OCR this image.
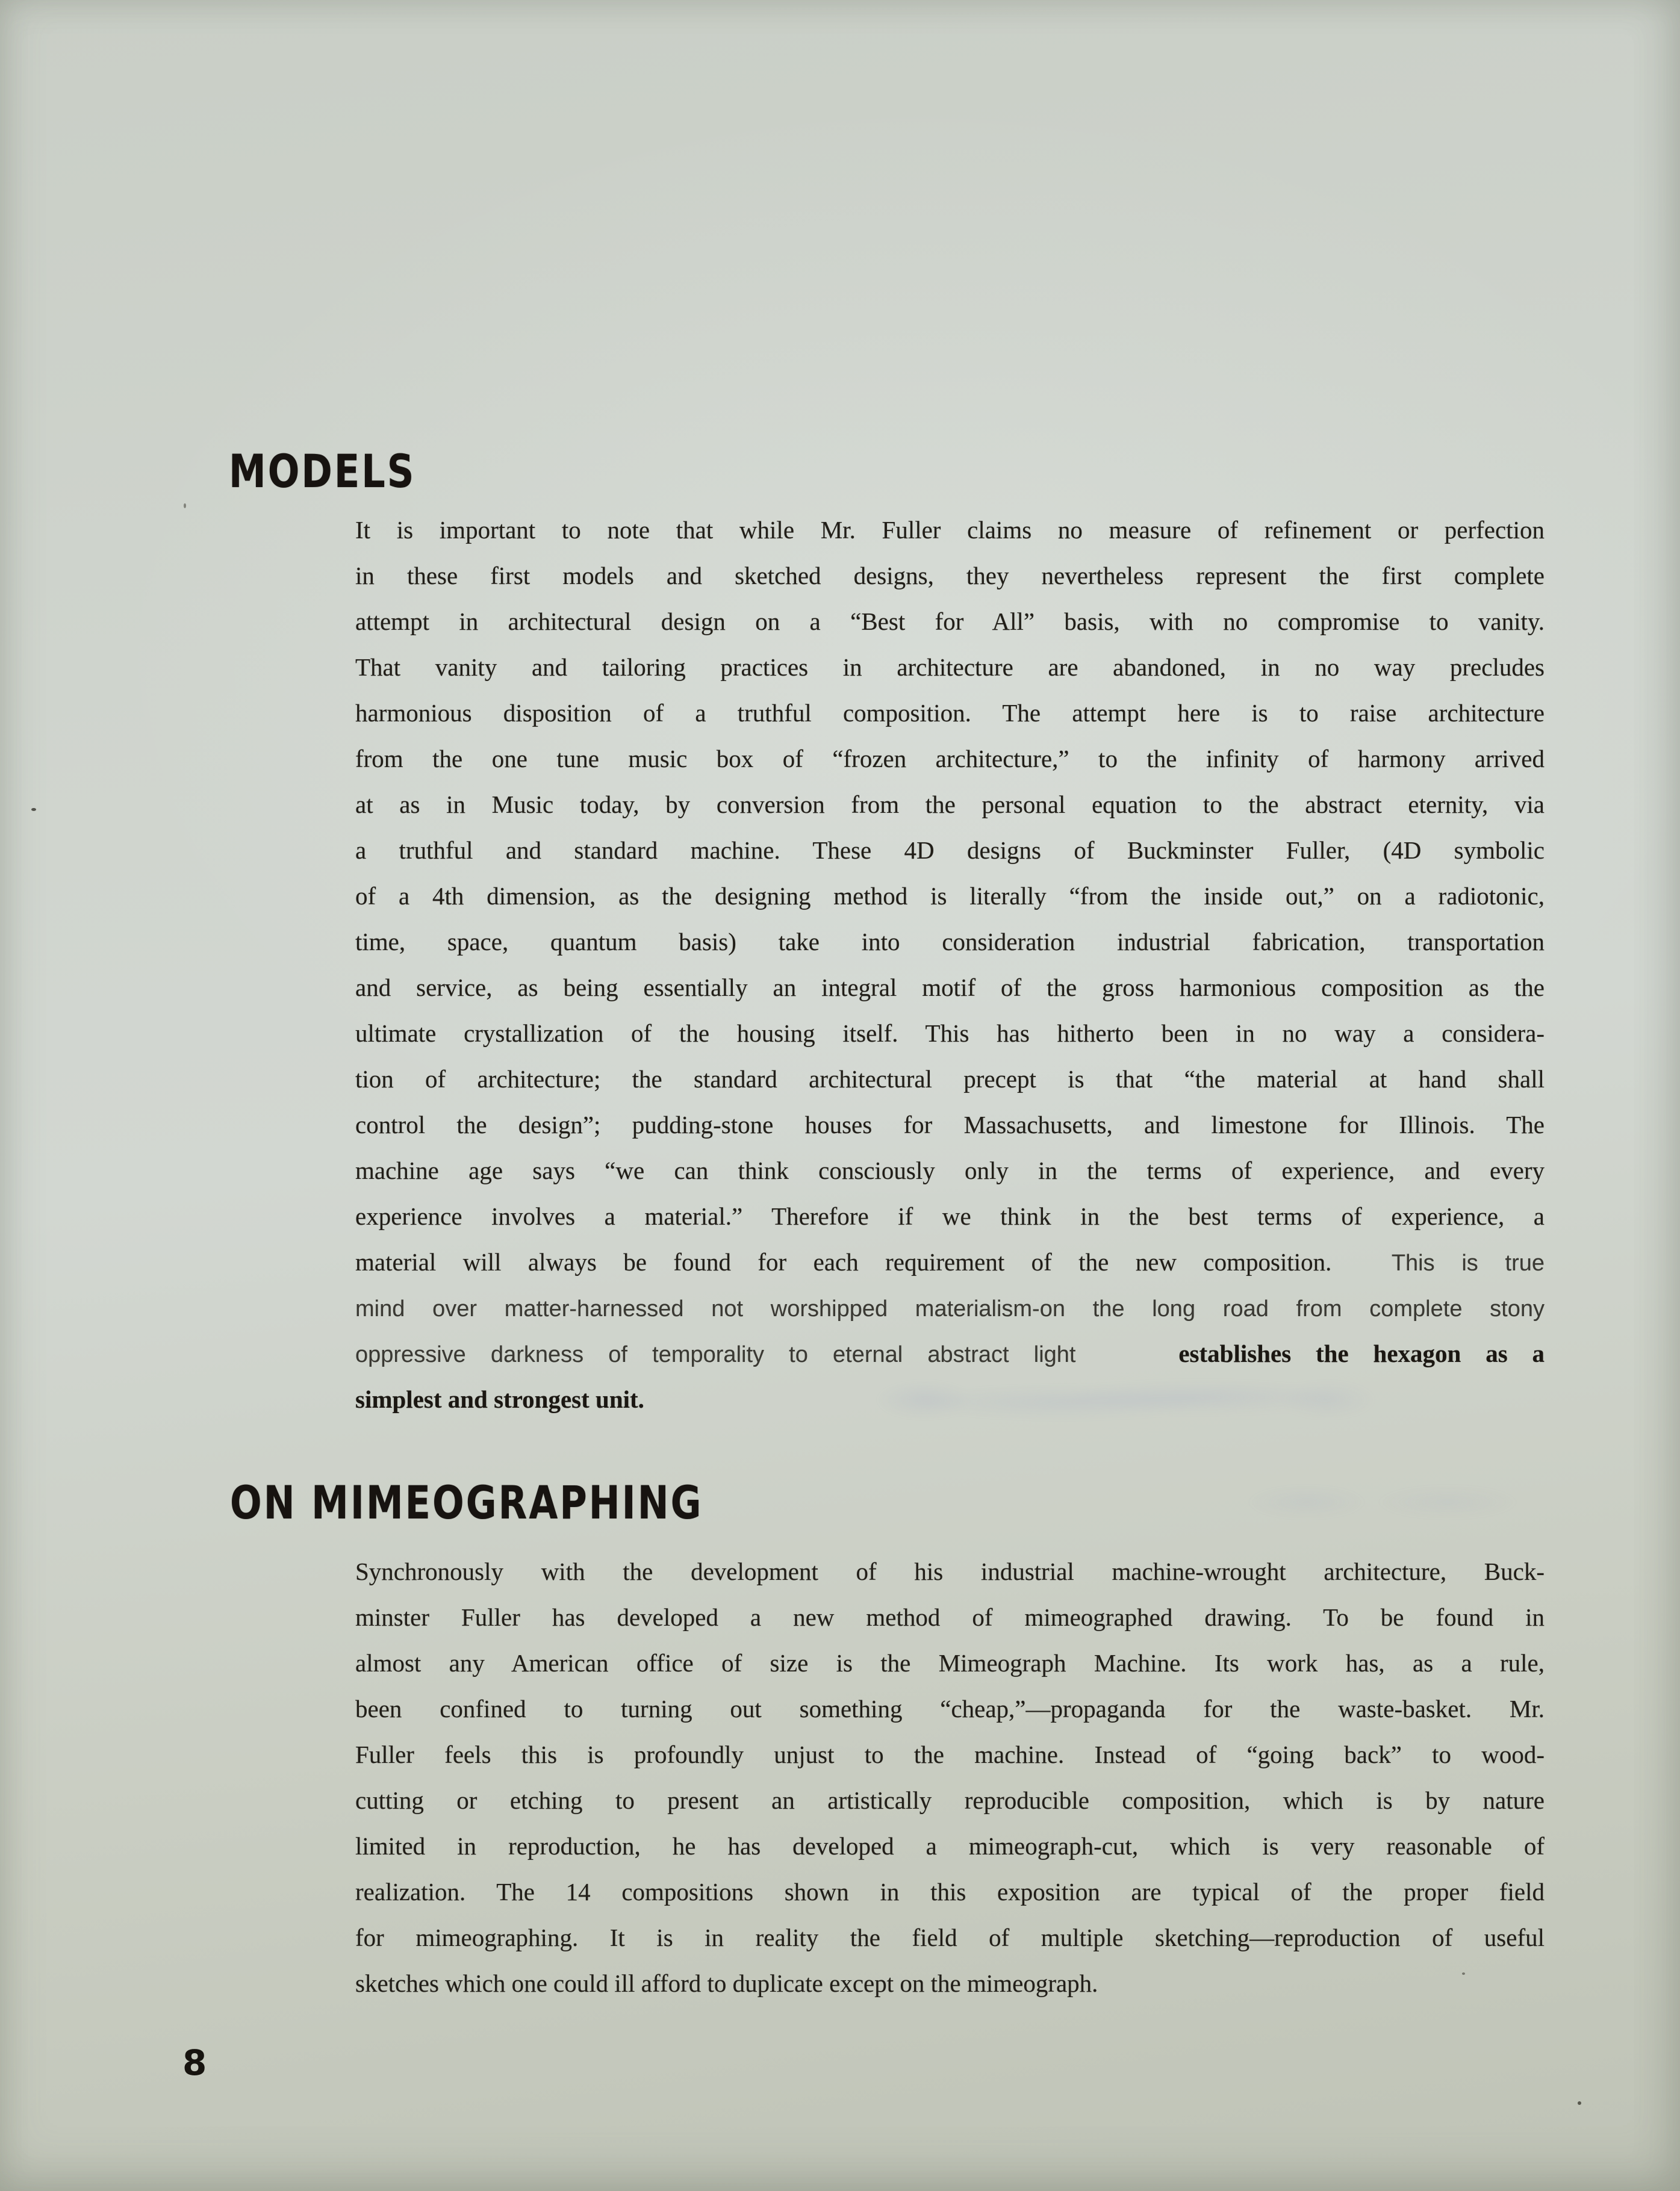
MODELS
It is important to note that while Mr. Fuller claims no measure of refinement or perfection
in these first models and sketched designs, they nevertheless represent the first complete
attempt in architectural design on a “Best for All” basis, with no compromise to vanity.
That vanity and tailoring practices in architecture are abandoned, in no way precludes
harmonious disposition of a truthful composition. The attempt here is to raise architecture
from the one tune music box of “frozen architecture,” to the infinity of harmony arrived
at as in Music today, by conversion from the personal equation to the abstract eternity, via
a truthful and standard machine. These 4D designs of Buckminster Fuller, (4D symbolic
of a 4th dimension, as the designing method is literally “from the inside out,” on a radiotonic,
time, space, quantum basis) take into consideration industrial fabrication, transportation
and service, as being essentially an integral motif of the gross harmonious composition as the
ultimate crystallization of the housing itself. This has hitherto been in no way a considera-
tion of architecture; the standard architectural precept is that “the material at hand shall
control the design”; pudding-stone houses for Massachusetts, and limestone for Illinois. The
machine age says “we can think consciously only in the terms of experience, and every
experience involves a material.” Therefore if we think in the best terms of experience, a
material will always be found for each requirement of the new composition.	This is true
mind over matter-harnessed not worshipped materialism-on the long road from complete stony
oppressive darkness of temporality to eternal abstract light	establishes the hexagon as a
simplest and strongest unit.
ON MIMEOGRAPHING
Synchronously with the development of his industrial machine-wrought architecture, Buck-
minster Fuller has developed a new method of mimeographed drawing. To be found in
almost any American office of size is the Mimeograph Machine. Its work has, as a rule,
been confined to turning out something “cheap,”—propaganda for the waste-basket. Mr.
Fuller feels this is profoundly unjust to the machine. Instead of “going back” to wood-
cutting or etching to present an artistically reproducible composition, which is by nature
limited in reproduction, he has developed a mimeograph-cut, which is very reasonable of
realization. The 14 compositions shown in this exposition are typical of the proper field
for mimeographing. It is in reality the field of multiple sketching—reproduction of useful
sketches which one could ill afford to duplicate except on the mimeograph.
8
